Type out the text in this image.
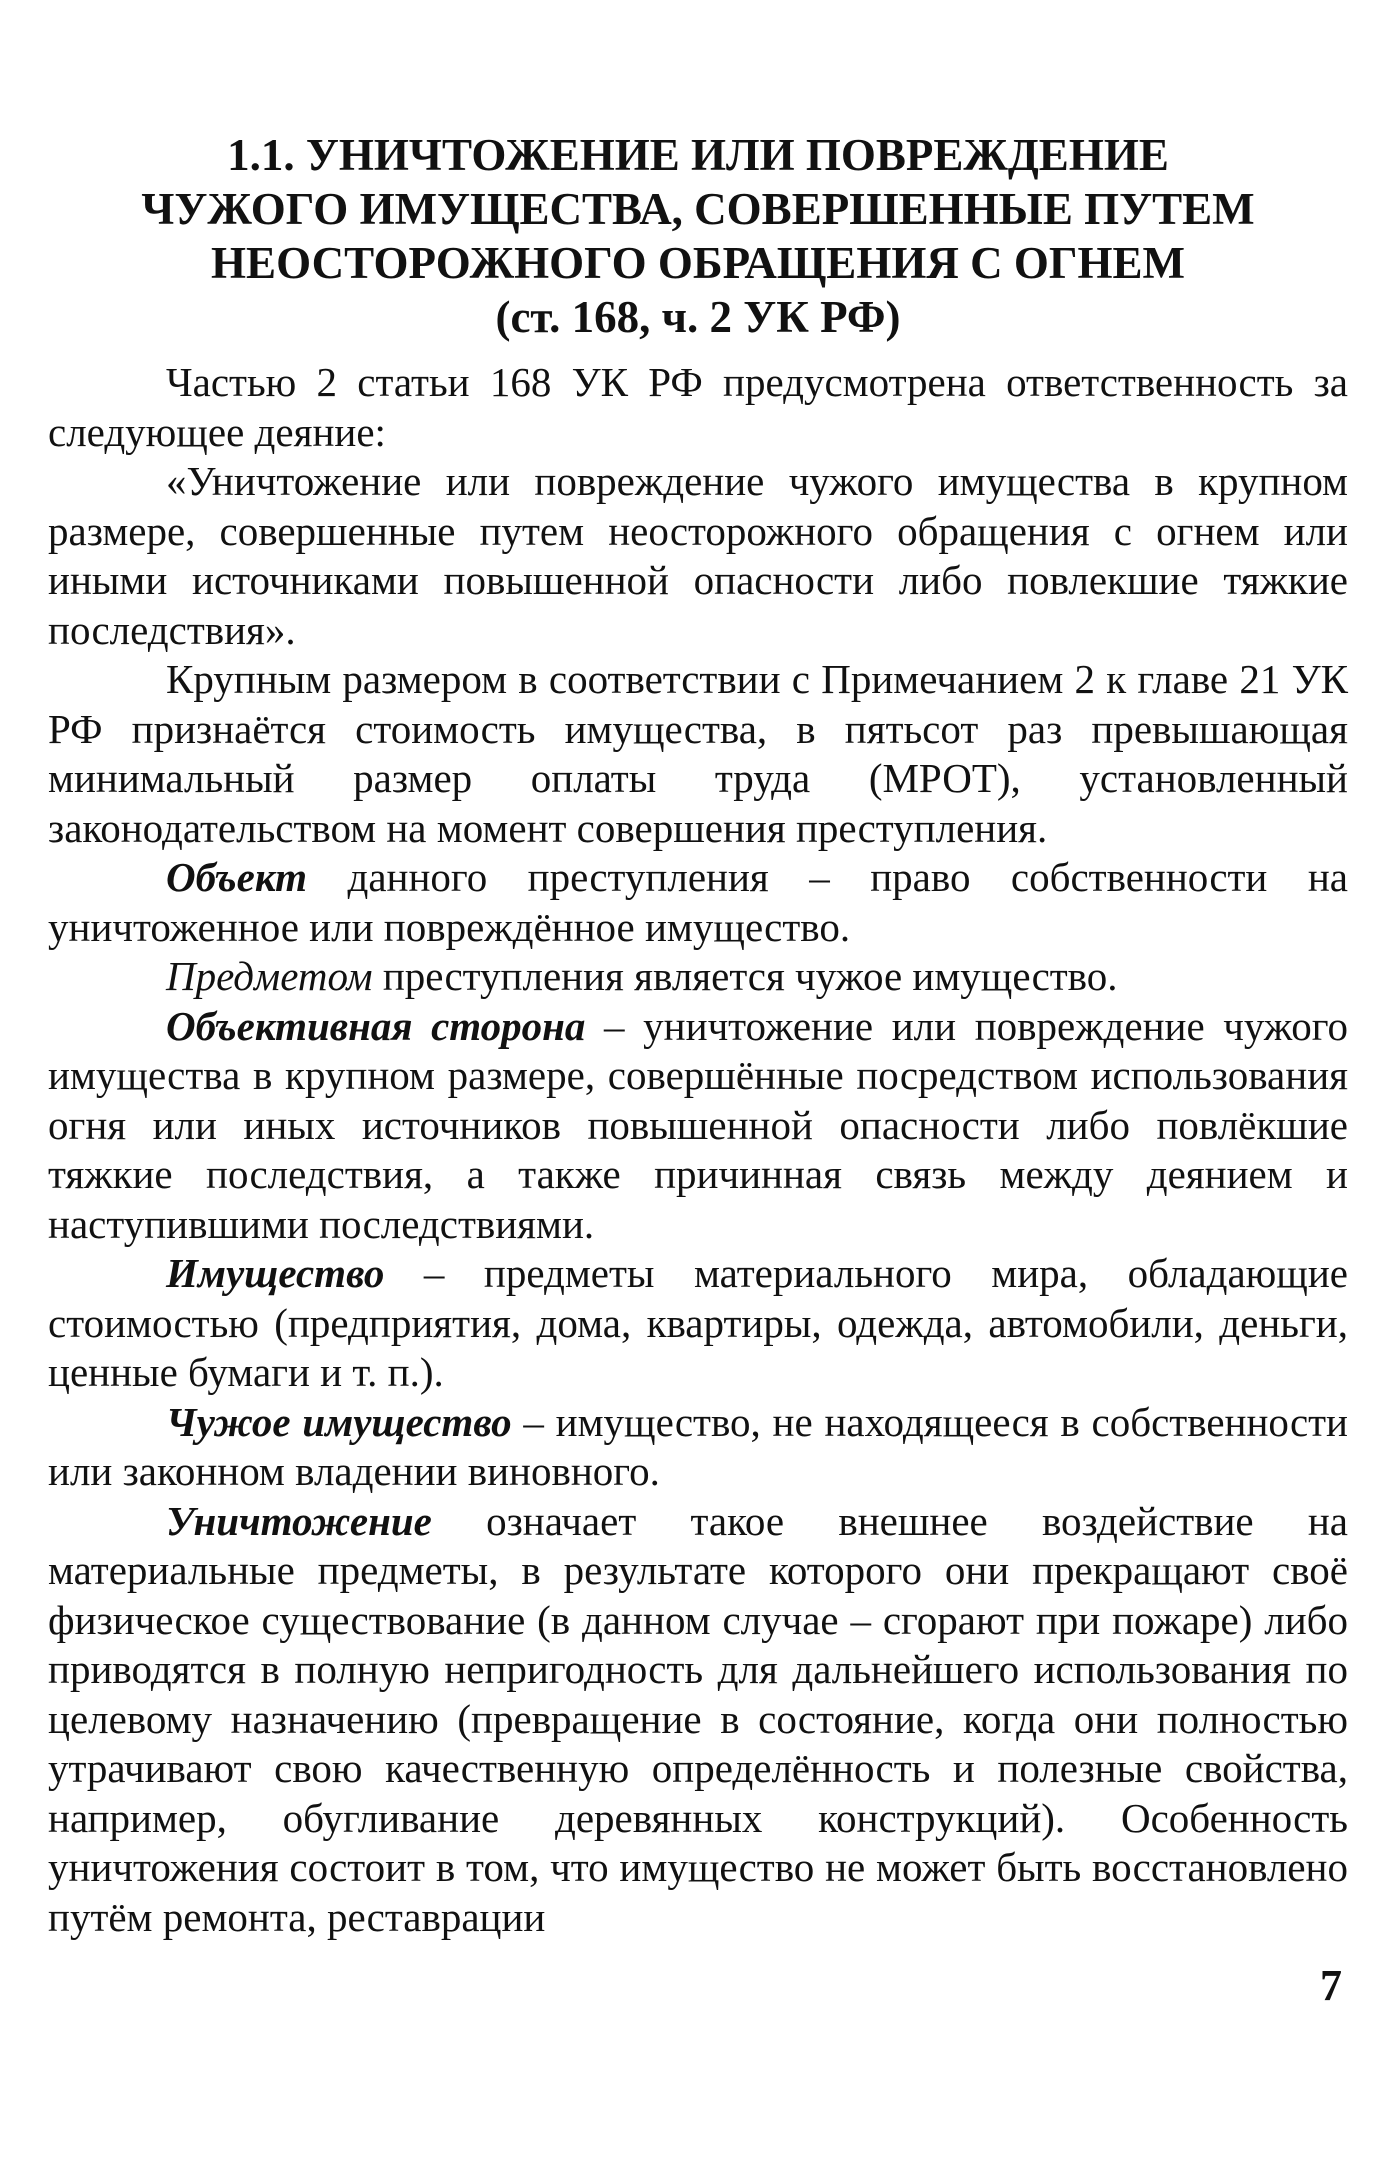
1.1. УНИЧТОЖЕНИЕ ИЛИ ПОВРЕЖДЕНИЕ
ЧУЖОГО ИМУЩЕСТВА, СОВЕРШЕННЫЕ ПУТЕМ
НЕОСТОРОЖНОГО ОБРАЩЕНИЯ С ОГНЕМ
(ст. 168, ч. 2 УК РФ)

Частью 2 статьи 168 УК РФ предусмотрена ответственность за следующее деяние:

«Уничтожение или повреждение чужого имущества в крупном размере, совершенные путем неосторожного обращения с огнем или иными источниками повышенной опасности либо повлекшие тяжкие последствия».

Крупным размером в соответствии с Примечанием 2 к главе 21 УК РФ признаётся стоимость имущества, в пятьсот раз превышающая минимальный размер оплаты труда (МРОТ), установленный законодательством на момент совершения преступления.

Объект данного преступления – право собственности на уничтоженное или повреждённое имущество.

Предметом преступления является чужое имущество.

Объективная сторона – уничтожение или повреждение чужого имущества в крупном размере, совершённые посредством использования огня или иных источников повышенной опасности либо повлёкшие тяжкие последствия, а также причинная связь между деянием и наступившими последствиями.

Имущество – предметы материального мира, обладающие стоимостью (предприятия, дома, квартиры, одежда, автомобили, деньги, ценные бумаги и т. п.).

Чужое имущество – имущество, не находящееся в собственности или законном владении виновного.

Уничтожение означает такое внешнее воздействие на материальные предметы, в результате которого они прекращают своё физическое существование (в данном случае – сгорают при пожаре) либо приводятся в полную непригодность для дальнейшего использования по целевому назначению (превращение в состояние, когда они полностью утрачивают свою качественную определённость и полезные свойства, например, обугливание деревянных конструкций). Особенность уничтожения состоит в том, что имущество не может быть восстановлено путём ремонта, реставрации

7
